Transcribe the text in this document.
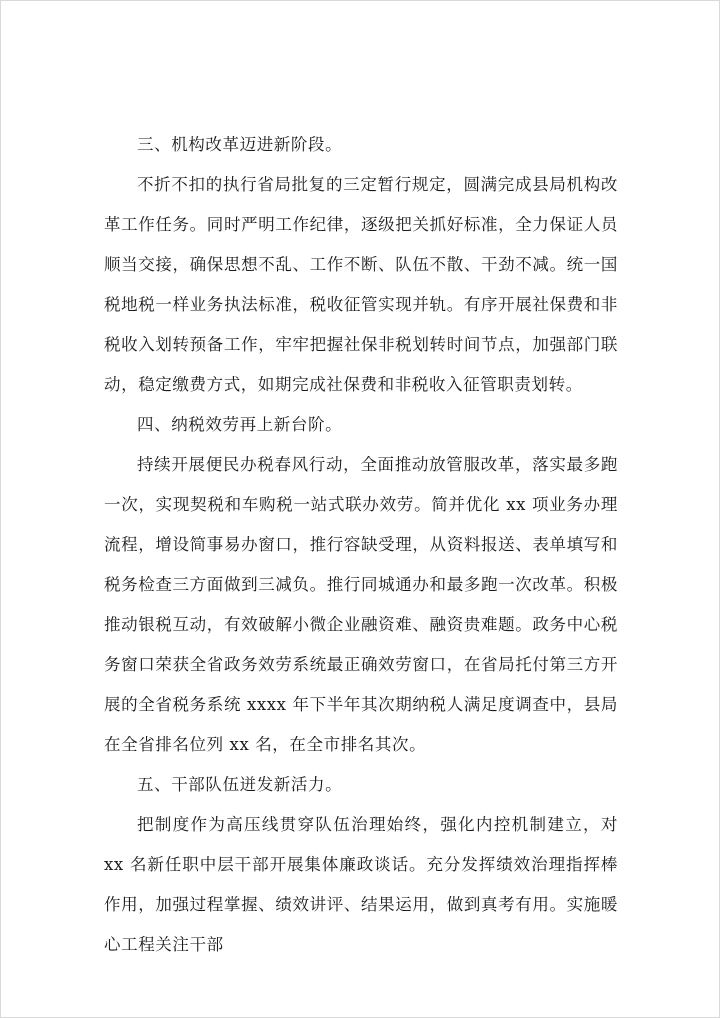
三、机构改革迈进新阶段。

不折不扣的执行省局批复的三定暂行规定，圆满完成县局机构改革工作任务。同时严明工作纪律，逐级把关抓好标准，全力保证人员顺当交接，确保思想不乱、工作不断、队伍不散、干劲不减。统一国税地税一样业务执法标准，税收征管实现并轨。有序开展社保费和非税收入划转预备工作，牢牢把握社保非税划转时间节点，加强部门联动，稳定缴费方式，如期完成社保费和非税收入征管职责划转。

四、纳税效劳再上新台阶。

持续开展便民办税春风行动，全面推动放管服改革，落实最多跑一次，实现契税和车购税一站式联办效劳。简并优化 xx 项业务办理流程，增设简事易办窗口，推行容缺受理，从资料报送、表单填写和税务检查三方面做到三减负。推行同城通办和最多跑一次改革。积极推动银税互动，有效破解小微企业融资难、融资贵难题。政务中心税务窗口荣获全省政务效劳系统最正确效劳窗口，在省局托付第三方开展的全省税务系统 xxxx 年下半年其次期纳税人满足度调查中，县局在全省排名位列 xx 名，在全市排名其次。

五、干部队伍迸发新活力。

把制度作为高压线贯穿队伍治理始终，强化内控机制建立，对 xx 名新任职中层干部开展集体廉政谈话。充分发挥绩效治理指挥棒作用，加强过程掌握、绩效讲评、结果运用，做到真考有用。实施暖心工程关注干部
